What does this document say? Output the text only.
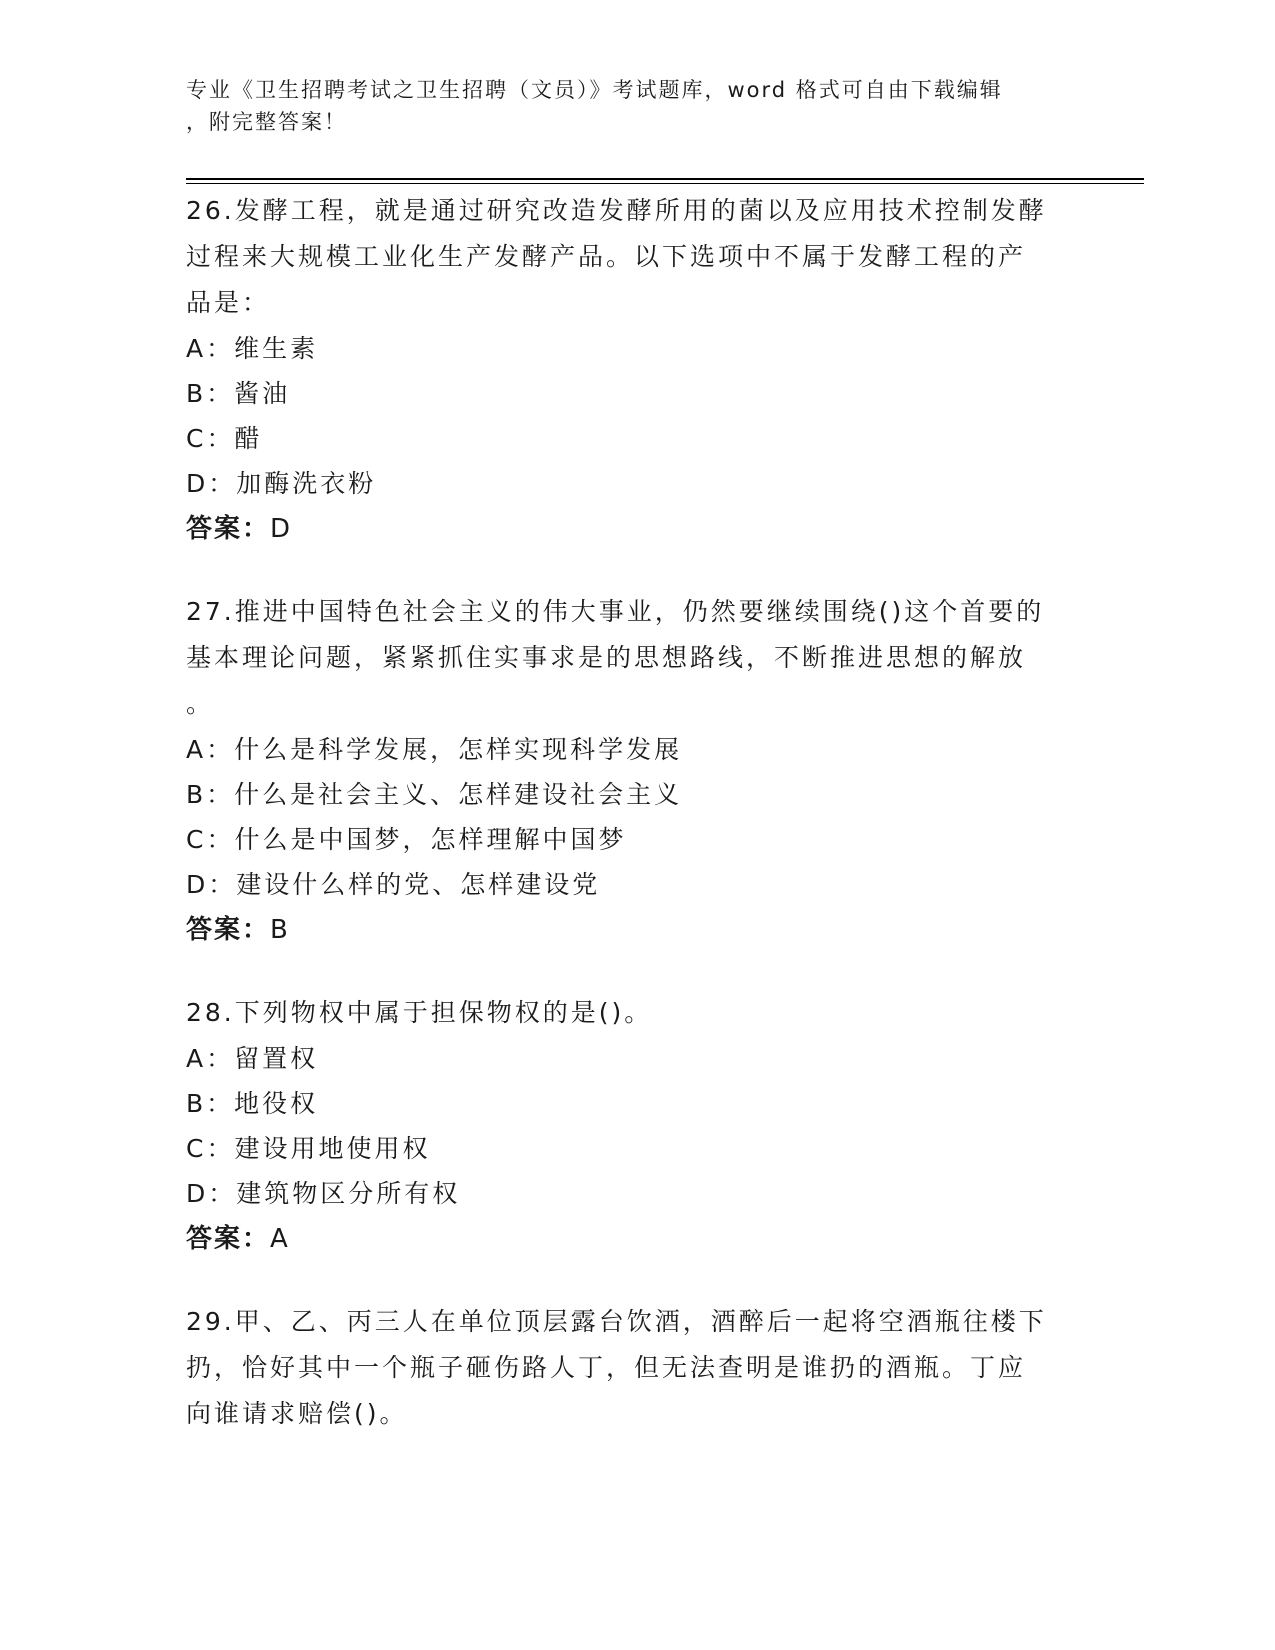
专业《卫生招聘考试之卫生招聘（文员）》考试题库，word 格式可自由下载编辑
，附完整答案！
26.发酵工程，就是通过研究改造发酵所用的菌以及应用技术控制发酵
过程来大规模工业化生产发酵产品。以下选项中不属于发酵工程的产
品是：
A：维生素
B：酱油
C：醋
D：加酶洗衣粉
答案：D
27.推进中国特色社会主义的伟大事业，仍然要继续围绕()这个首要的
基本理论问题，紧紧抓住实事求是的思想路线，不断推进思想的解放
。
A：什么是科学发展，怎样实现科学发展
B：什么是社会主义、怎样建设社会主义
C：什么是中国梦，怎样理解中国梦
D：建设什么样的党、怎样建设党
答案：B
28.下列物权中属于担保物权的是()。
A：留置权
B：地役权
C：建设用地使用权
D：建筑物区分所有权
答案：A
29.甲、乙、丙三人在单位顶层露台饮酒，酒醉后一起将空酒瓶往楼下
扔，恰好其中一个瓶子砸伤路人丁，但无法查明是谁扔的酒瓶。丁应
向谁请求赔偿()。
